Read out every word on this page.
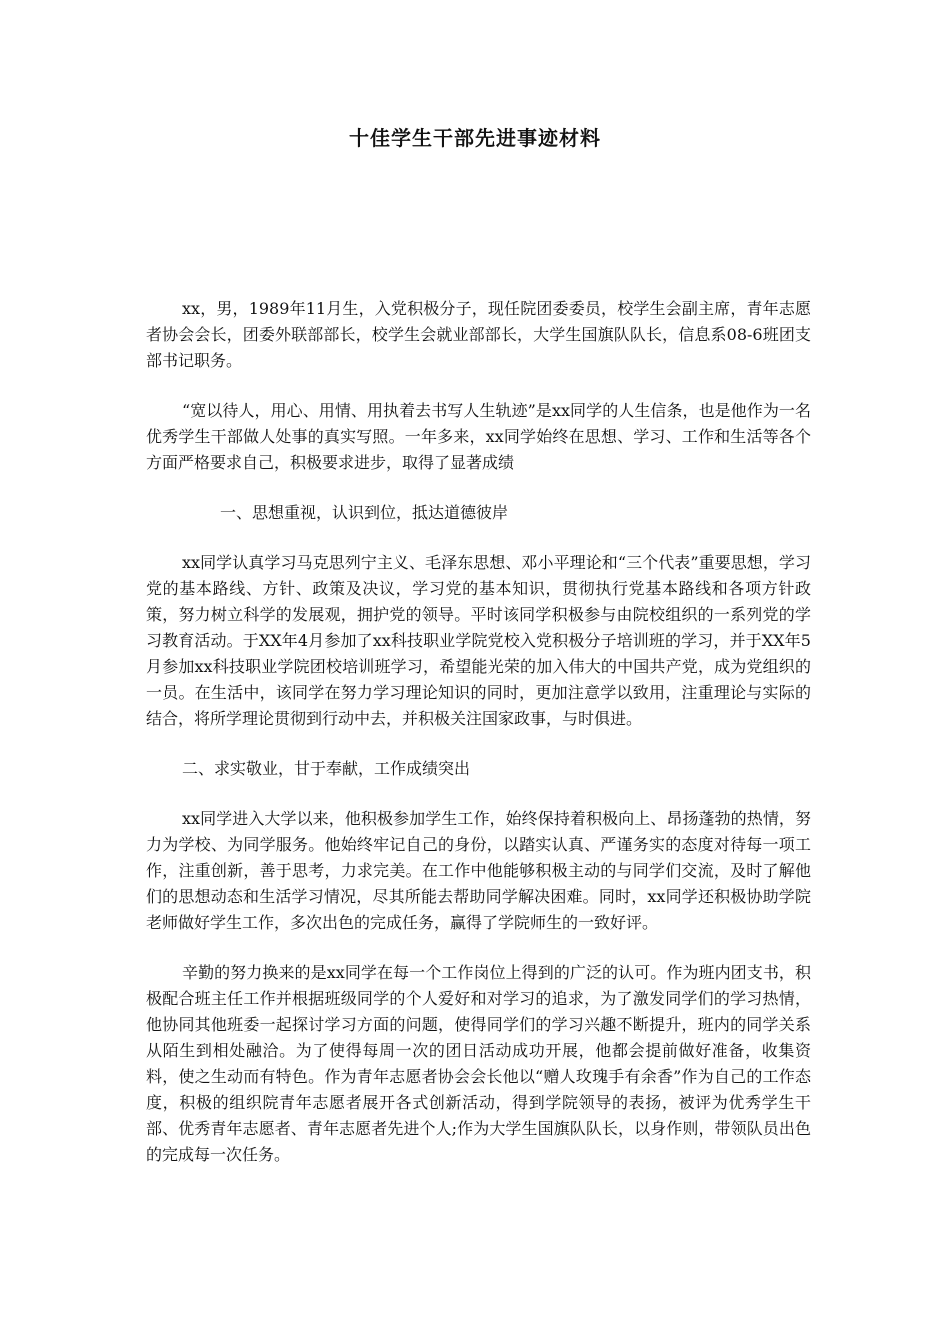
十佳学生干部先进事迹材料

xx，男，1989年11月生，入党积极分子，现任院团委委员，校学生会副主席，青年志愿者协会会长，团委外联部部长，校学生会就业部部长，大学生国旗队队长，信息系08-6班团支部书记职务。

“宽以待人，用心、用情、用执着去书写人生轨迹”是xx同学的人生信条，也是他作为一名优秀学生干部做人处事的真实写照。一年多来，xx同学始终在思想、学习、工作和生活等各个方面严格要求自己，积极要求进步，取得了显著成绩

一、思想重视，认识到位，抵达道德彼岸

xx同学认真学习马克思列宁主义、毛泽东思想、邓小平理论和“三个代表”重要思想，学习党的基本路线、方针、政策及决议，学习党的基本知识，贯彻执行党基本路线和各项方针政策，努力树立科学的发展观，拥护党的领导。平时该同学积极参与由院校组织的一系列党的学习教育活动。于XX年4月参加了xx科技职业学院党校入党积极分子培训班的学习，并于XX年5月参加xx科技职业学院团校培训班学习，希望能光荣的加入伟大的中国共产党，成为党组织的一员。在生活中，该同学在努力学习理论知识的同时，更加注意学以致用，注重理论与实际的结合，将所学理论贯彻到行动中去，并积极关注国家政事，与时俱进。

二、求实敬业，甘于奉献，工作成绩突出

xx同学进入大学以来，他积极参加学生工作，始终保持着积极向上、昂扬蓬勃的热情，努力为学校、为同学服务。他始终牢记自己的身份，以踏实认真、严谨务实的态度对待每一项工作，注重创新，善于思考，力求完美。在工作中他能够积极主动的与同学们交流，及时了解他们的思想动态和生活学习情况，尽其所能去帮助同学解决困难。同时，xx同学还积极协助学院老师做好学生工作，多次出色的完成任务，赢得了学院师生的一致好评。

辛勤的努力换来的是xx同学在每一个工作岗位上得到的广泛的认可。作为班内团支书，积极配合班主任工作并根据班级同学的个人爱好和对学习的追求，为了激发同学们的学习热情，他协同其他班委一起探讨学习方面的问题，使得同学们的学习兴趣不断提升，班内的同学关系从陌生到相处融洽。为了使得每周一次的团日活动成功开展，他都会提前做好准备，收集资料，使之生动而有特色。作为青年志愿者协会会长他以“赠人玫瑰手有余香”作为自己的工作态度，积极的组织院青年志愿者展开各式创新活动，得到学院领导的表扬，被评为优秀学生干部、优秀青年志愿者、青年志愿者先进个人;作为大学生国旗队队长，以身作则，带领队员出色的完成每一次任务。
